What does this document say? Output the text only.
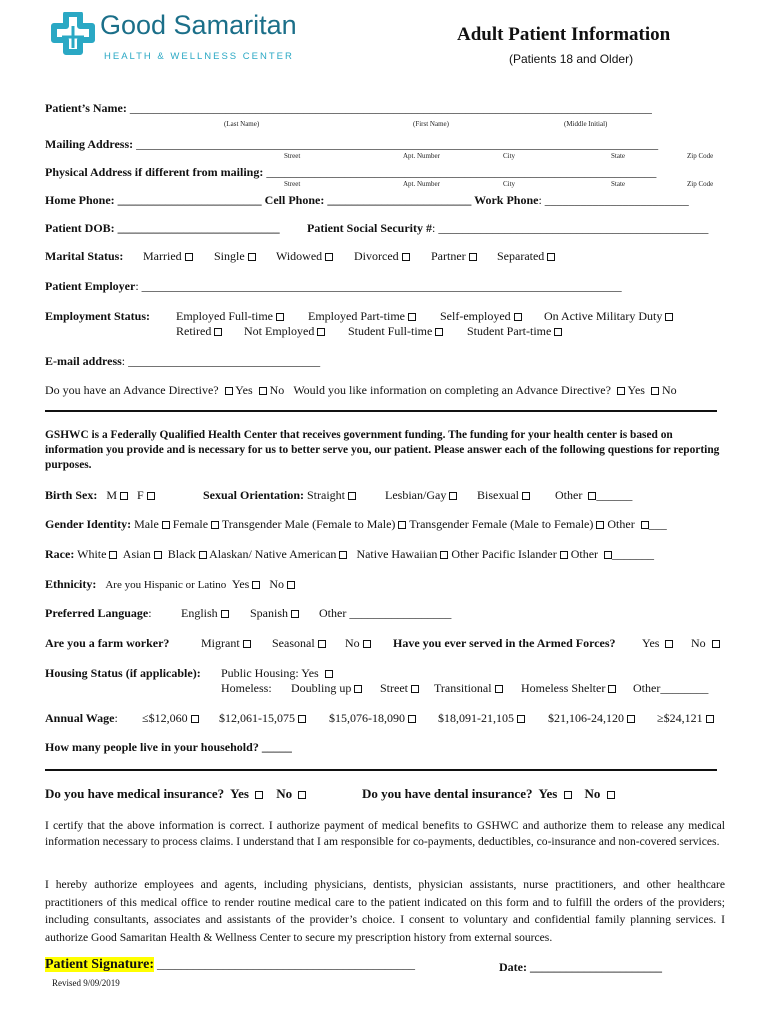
Good Samaritan
HEALTH & WELLNESS CENTER
Adult Patient Information
(Patients 18 and Older)
Patient’s Name: _______________________________________________________________________________________
(Last Name)	(First Name)	(Middle Initial)
Mailing Address: _______________________________________________________________________________________
Street	Apt. Number	City	State	Zip Code
Physical Address if different from mailing: _________________________________________________________________
Street	Apt. Number	City	State	Zip Code
Home Phone: ________________________ Cell Phone: ________________________ Work Phone: ________________________
Patient DOB: ___________________________ Patient Social Security #: _____________________________________________
Marital Status: Married	Single	Widowed	Divorced	Partner	Separated
Patient Employer: ________________________________________________________________________________
Employment Status: Employed Full-time	Employed Part-time	Self-employed	On Active Military Duty
Retired	Not Employed	Student Full-time	Student Part-time
E-mail address: ________________________________
Do you have an Advance Directive? Yes No Would you like information on completing an Advance Directive? Yes No
GSHWC is a Federally Qualified Health Center that receives government funding. The funding for your health center is based on information you provide and is necessary for us to better serve you, our patient. Please answer each of the following questions for reporting purposes.
Birth Sex: M F	Sexual Orientation: Straight	Lesbian/Gay	Bisexual	Other ______
Gender Identity: Male Female Transgender Male (Female to Male) Transgender Female (Male to Female) Other ___
Race: White Asian Black Alaskan/ Native American Native Hawaiian Other Pacific Islander Other _______
Ethnicity: Are you Hispanic or Latino Yes No
Preferred Language: English	Spanish	Other _________________
Are you a farm worker?	Migrant	Seasonal	No	Have you ever served in the Armed Forces? Yes	No
Housing Status (if applicable): Public Housing: Yes
Homeless: Doubling up	Street	Transitional	Homeless Shelter	Other________
Annual Wage: ≤$12,060	$12,061-15,075	$15,076-18,090	$18,091-21,105	$21,106-24,120	≥$24,121
How many people live in your household? _____
Do you have medical insurance? Yes No	Do you have dental insurance? Yes No
I certify that the above information is correct. I authorize payment of medical benefits to GSHWC and authorize them to release any medical information necessary to process claims. I understand that I am responsible for co-payments, deductibles, co-insurance and non-covered services.
I hereby authorize employees and agents, including physicians, dentists, physician assistants, nurse practitioners, and other healthcare practitioners of this medical office to render routine medical care to the patient indicated on this form and to fulfill the orders of the providers; including consultants, associates and assistants of the provider’s choice. I consent to voluntary and confidential family planning services. I authorize Good Samaritan Health & Wellness Center to secure my prescription history from external sources.
Patient Signature: ___________________________________________	Date: ______________________
Revised 9/09/2019
